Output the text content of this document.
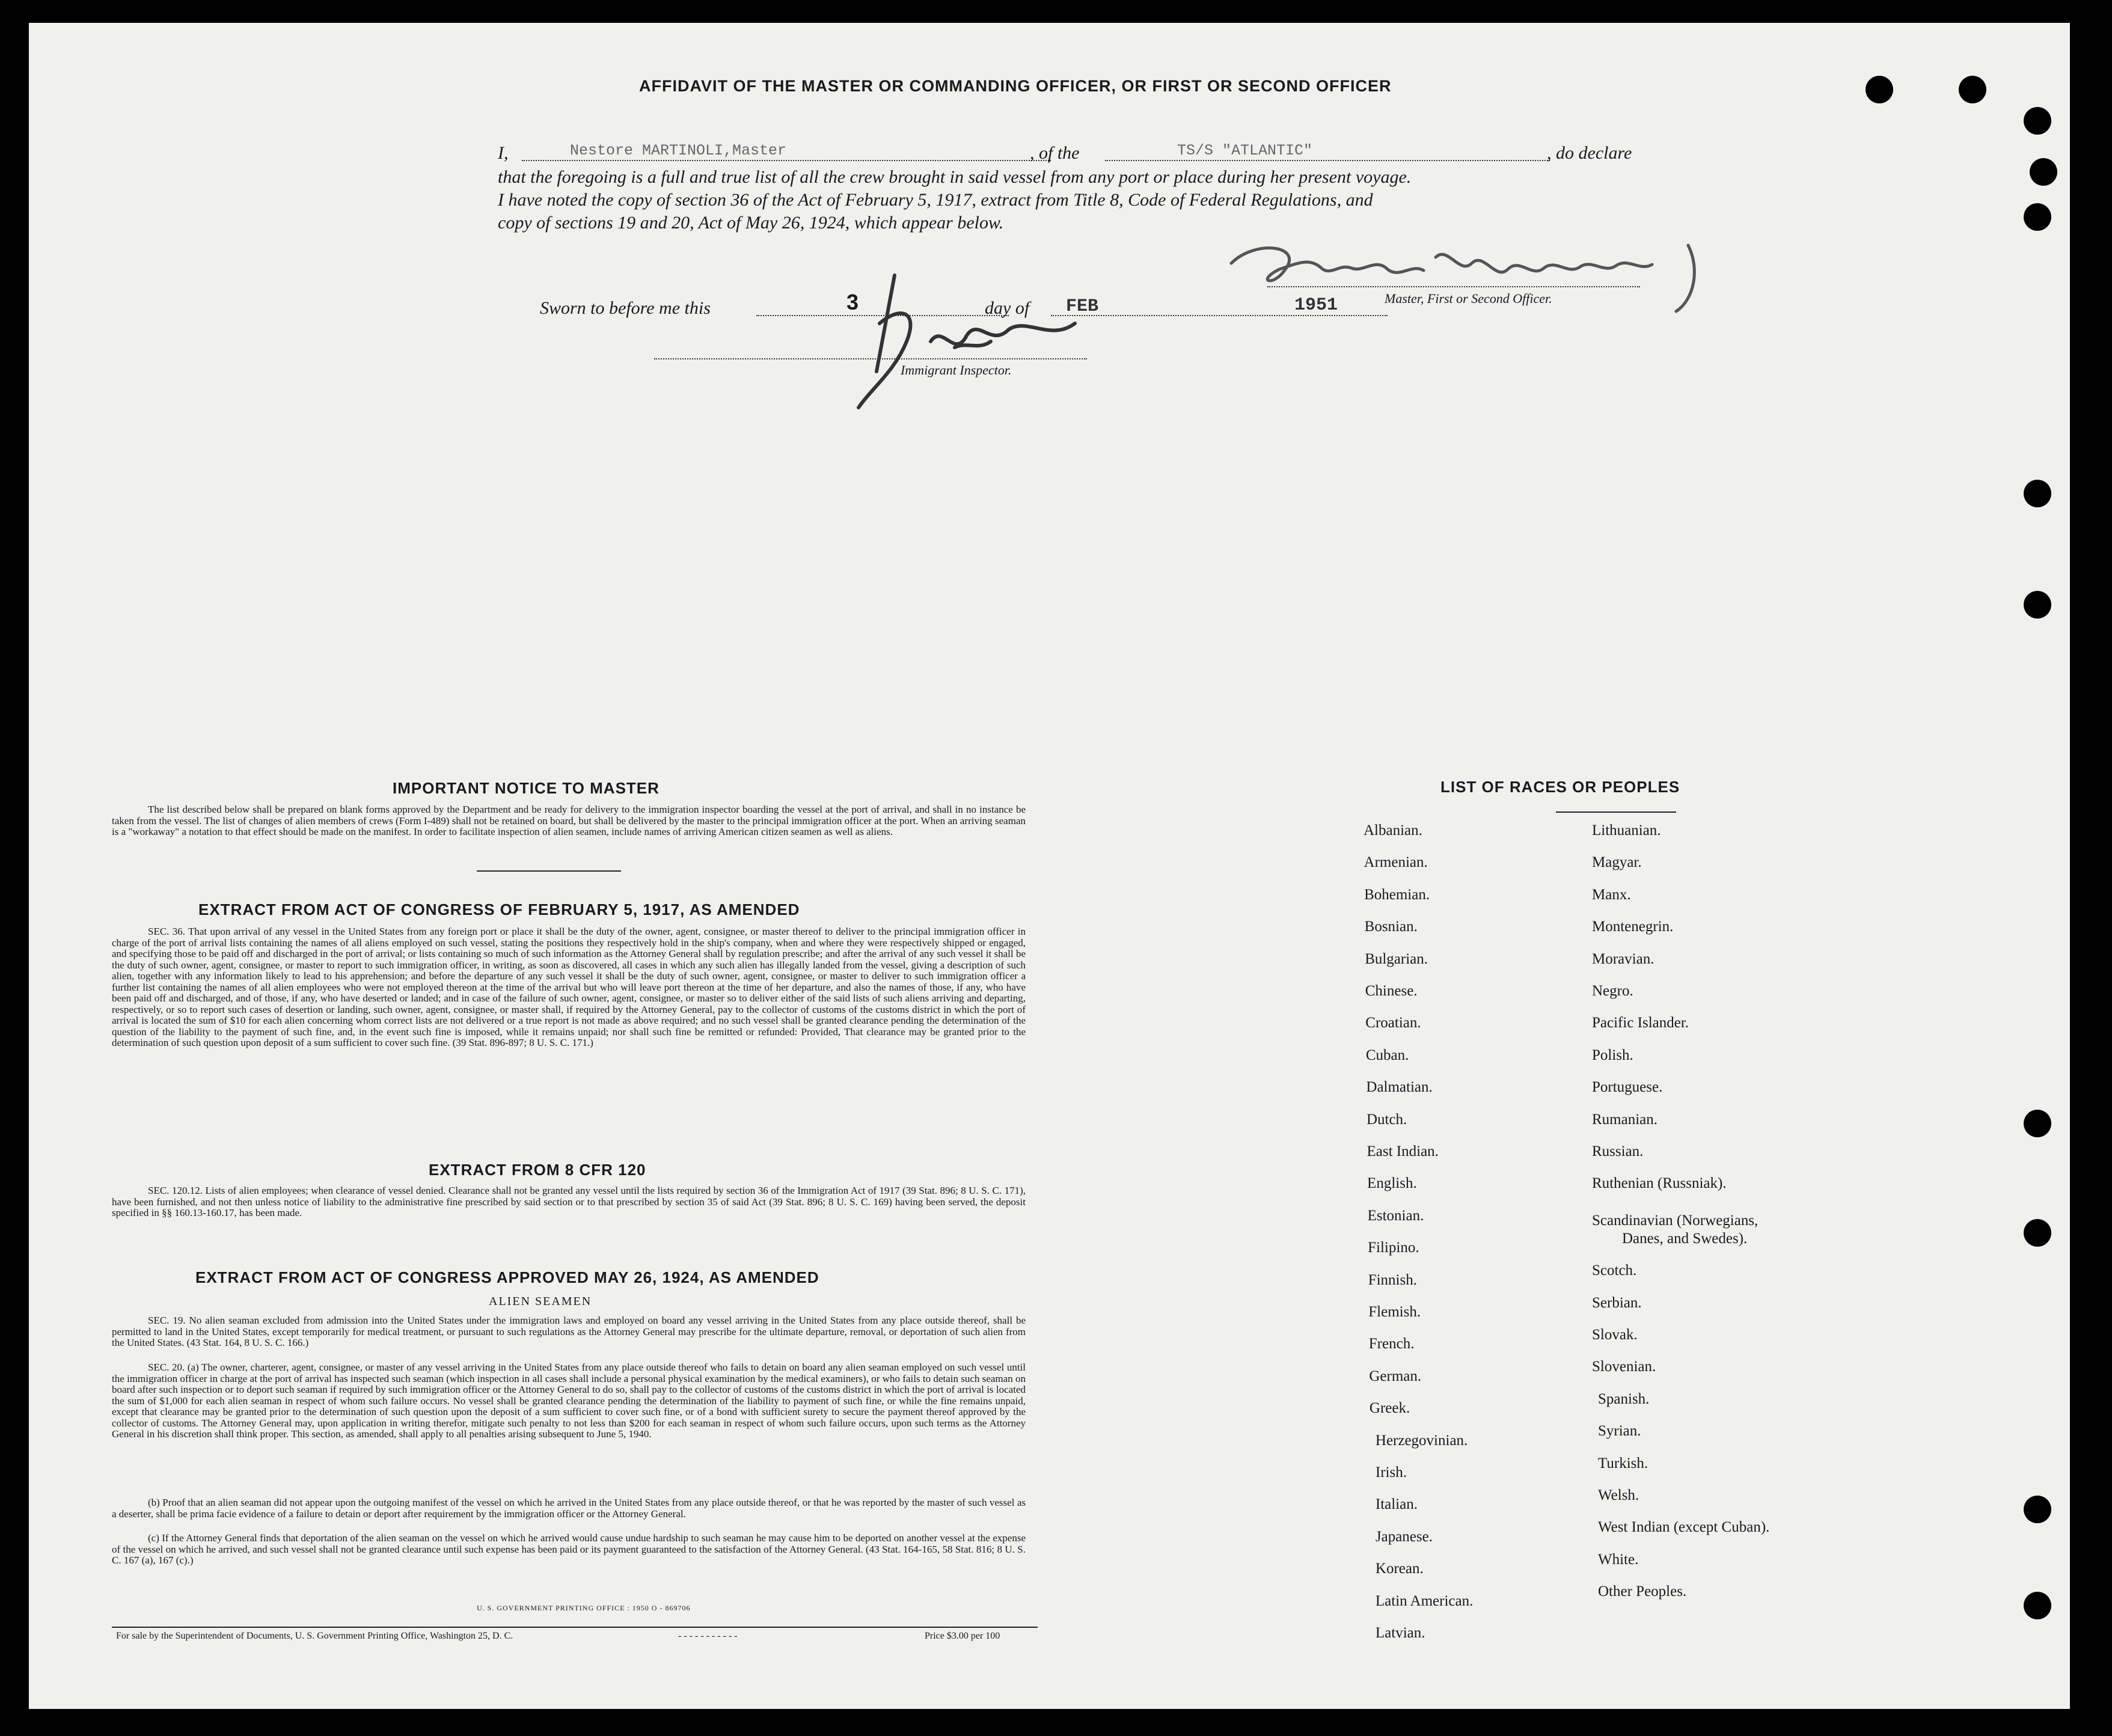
AFFIDAVIT OF THE MASTER OR COMMANDING OFFICER, OR FIRST OR SECOND OFFICER
I,	Nestore MARTINOLI,Master	, of the	TS/S "ATLANTIC"	, do declare
that the foregoing is a full and true list of all the crew brought in said vessel from any port or place during her present voyage.
I have noted the copy of section 36 of the Act of February 5, 1917, extract from Title 8, Code of Federal Regulations, and
copy of sections 19 and 20, Act of May 26, 1924, which appear below.
Master, First or Second Officer.
Sworn to before me this	3	day of FEB	1951
Immigrant Inspector.
IMPORTANT NOTICE TO MASTER
The list described below shall be prepared on blank forms approved by the Department and be ready for delivery to the immigration inspector boarding the vessel at the port of arrival, and shall in no instance be taken from the vessel. The list of changes of alien members of crews (Form I-489) shall not be retained on board, but shall be delivered by the master to the principal immigration officer at the port. When an arriving seaman is a "workaway" a notation to that effect should be made on the manifest. In order to facilitate inspection of alien seamen, include names of arriving American citizen seamen as well as aliens.
EXTRACT FROM ACT OF CONGRESS OF FEBRUARY 5, 1917, AS AMENDED
SEC. 36. That upon arrival of any vessel in the United States from any foreign port or place it shall be the duty of the owner, agent, consignee, or master thereof to deliver to the principal immigration officer in charge of the port of arrival lists containing the names of all aliens employed on such vessel, stating the positions they respectively hold in the ship's company, when and where they were respectively shipped or engaged, and specifying those to be paid off and discharged in the port of arrival; or lists containing so much of such information as the Attorney General shall by regulation prescribe; and after the arrival of any such vessel it shall be the duty of such owner, agent, consignee, or master to report to such immigration officer, in writing, as soon as discovered, all cases in which any such alien has illegally landed from the vessel, giving a description of such alien, together with any information likely to lead to his apprehension; and before the departure of any such vessel it shall be the duty of such owner, agent, consignee, or master to deliver to such immigration officer a further list containing the names of all alien employees who were not employed thereon at the time of the arrival but who will leave port thereon at the time of her departure, and also the names of those, if any, who have been paid off and discharged, and of those, if any, who have deserted or landed; and in case of the failure of such owner, agent, consignee, or master so to deliver either of the said lists of such aliens arriving and departing, respectively, or so to report such cases of desertion or landing, such owner, agent, consignee, or master shall, if required by the Attorney General, pay to the collector of customs of the customs district in which the port of arrival is located the sum of $10 for each alien concerning whom correct lists are not delivered or a true report is not made as above required; and no such vessel shall be granted clearance pending the determination of the question of the liability to the payment of such fine, and, in the event such fine is imposed, while it remains unpaid; nor shall such fine be remitted or refunded: Provided, That clearance may be granted prior to the determination of such question upon deposit of a sum sufficient to cover such fine. (39 Stat. 896-897; 8 U. S. C. 171.)
EXTRACT FROM 8 CFR 120
SEC. 120.12. Lists of alien employees; when clearance of vessel denied. Clearance shall not be granted any vessel until the lists required by section 36 of the Immigration Act of 1917 (39 Stat. 896; 8 U. S. C. 171), have been furnished, and not then unless notice of liability to the administrative fine prescribed by said section or to that prescribed by section 35 of said Act (39 Stat. 896; 8 U. S. C. 169) having been served, the deposit specified in §§ 160.13-160.17, has been made.
EXTRACT FROM ACT OF CONGRESS APPROVED MAY 26, 1924, AS AMENDED
ALIEN SEAMEN
SEC. 19. No alien seaman excluded from admission into the United States under the immigration laws and employed on board any vessel arriving in the United States from any place outside thereof, shall be permitted to land in the United States, except temporarily for medical treatment, or pursuant to such regulations as the Attorney General may prescribe for the ultimate departure, removal, or deportation of such alien from the United States. (43 Stat. 164, 8 U. S. C. 166.)
SEC. 20. (a) The owner, charterer, agent, consignee, or master of any vessel arriving in the United States from any place outside thereof who fails to detain on board any alien seaman employed on such vessel until the immigration officer in charge at the port of arrival has inspected such seaman (which inspection in all cases shall include a personal physical examination by the medical examiners), or who fails to detain such seaman on board after such inspection or to deport such seaman if required by such immigration officer or the Attorney General to do so, shall pay to the collector of customs of the customs district in which the port of arrival is located the sum of $1,000 for each alien seaman in respect of whom such failure occurs. No vessel shall be granted clearance pending the determination of the liability to payment of such fine, or while the fine remains unpaid, except that clearance may be granted prior to the determination of such question upon the deposit of a sum sufficient to cover such fine, or of a bond with sufficient surety to secure the payment thereof approved by the collector of customs. The Attorney General may, upon application in writing therefor, mitigate such penalty to not less than $200 for each seaman in respect of whom such failure occurs, upon such terms as the Attorney General in his discretion shall think proper. This section, as amended, shall apply to all penalties arising subsequent to June 5, 1940.
(b) Proof that an alien seaman did not appear upon the outgoing manifest of the vessel on which he arrived in the United States from any place outside thereof, or that he was reported by the master of such vessel as a deserter, shall be prima facie evidence of a failure to detain or deport after requirement by the immigration officer or the Attorney General.
(c) If the Attorney General finds that deportation of the alien seaman on the vessel on which he arrived would cause undue hardship to such seaman he may cause him to be deported on another vessel at the expense of the vessel on which he arrived, and such vessel shall not be granted clearance until such expense has been paid or its payment guaranteed to the satisfaction of the Attorney General. (43 Stat. 164-165, 58 Stat. 816; 8 U. S. C. 167 (a), 167 (c).)
U. S. GOVERNMENT PRINTING OFFICE : 1950 O - 869706
For sale by the Superintendent of Documents, U. S. Government Printing Office, Washington 25, D. C.	- - - - - - - - - - -	Price $3.00 per 100
LIST OF RACES OR PEOPLES
Albanian.
Armenian.
Bohemian.
Bosnian.
Bulgarian.
Chinese.
Croatian.
Cuban.
Dalmatian.
Dutch.
East Indian.
English.
Estonian.
Filipino.
Finnish.
Flemish.
French.
German.
Greek.
Herzegovinian.
Irish.
Italian.
Japanese.
Korean.
Latin American.
Latvian.
Lithuanian.
Magyar.
Manx.
Montenegrin.
Moravian.
Negro.
Pacific Islander.
Polish.
Portuguese.
Rumanian.
Russian.
Ruthenian (Russniak).
Scandinavian (Norwegians,
Danes, and Swedes).
Scotch.
Serbian.
Slovak.
Slovenian.
Spanish.
Syrian.
Turkish.
Welsh.
West Indian (except Cuban).
White.
Other Peoples.
